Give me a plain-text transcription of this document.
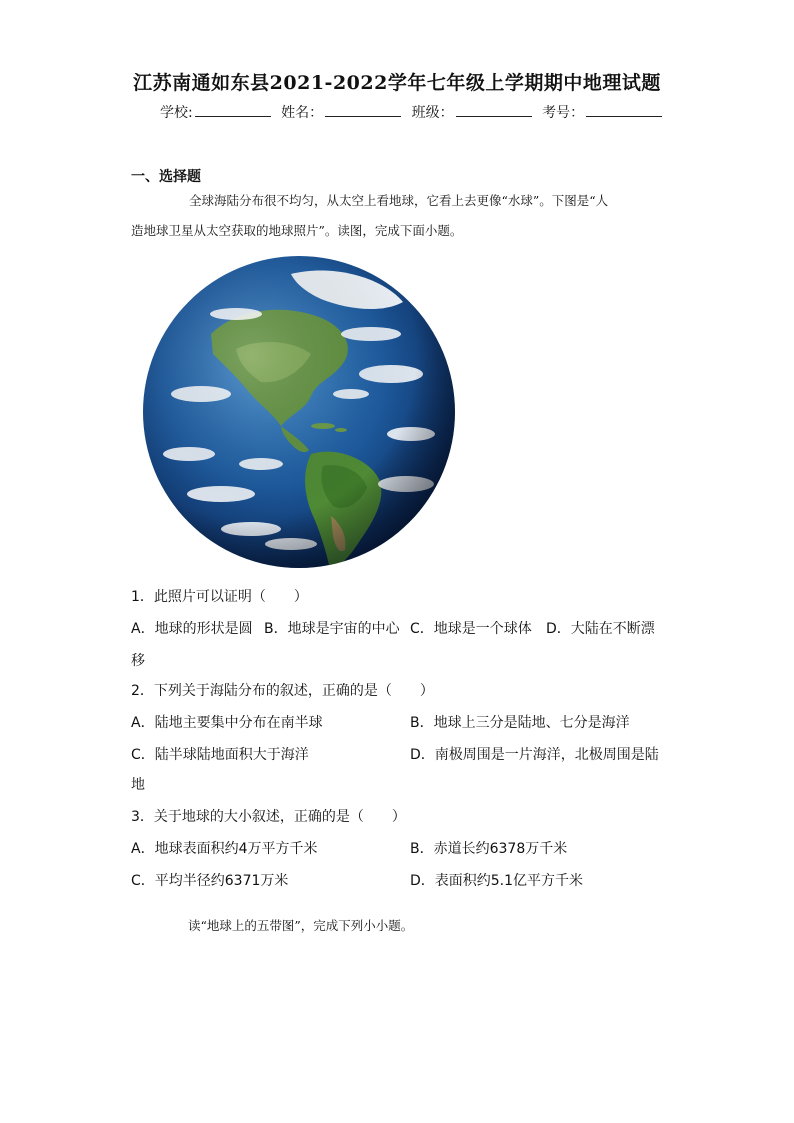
江苏南通如东县2021-2022学年七年级上学期期中地理试题
学校:	姓名：	班级：	考号：
一、选择题
全球海陆分布很不均匀，从太空上看地球，它看上去更像“水球”。下图是“人
造地球卫星从太空获取的地球照片”。读图，完成下面小题。
1．此照片可以证明（　　）
A．地球的形状是圆 B．地球是宇宙的中心 C．地球是一个球体 D．大陆在不断漂
移
2．下列关于海陆分布的叙述，正确的是（　　）
A．陆地主要集中分布在南半球	B．地球上三分是陆地、七分是海洋
C．陆半球陆地面积大于海洋	D．南极周围是一片海洋，北极周围是陆
地
3．关于地球的大小叙述，正确的是（　　）
A．地球表面积约4万平方千米	B．赤道长约6378万千米
C．平均半径约6371万米	D．表面积约5.1亿平方千米
读“地球上的五带图”，完成下列小小题。
